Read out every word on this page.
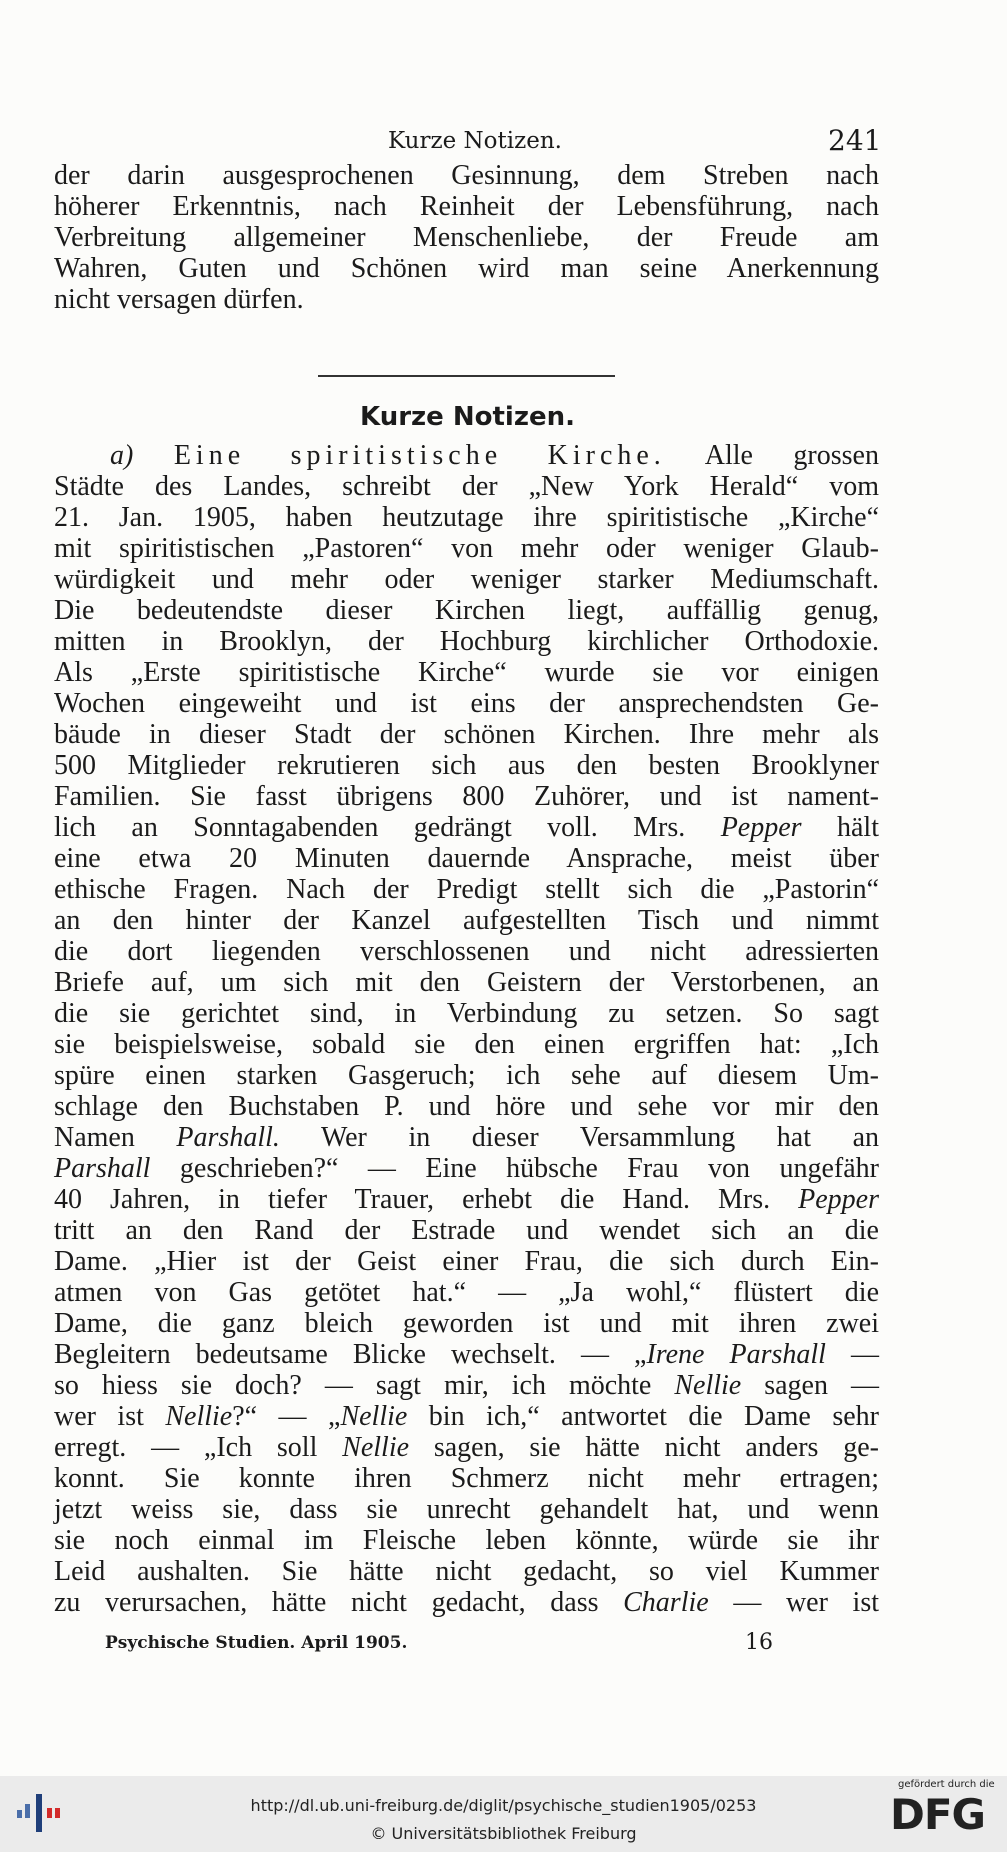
Kurze Notizen.	241
der darin ausgesprochenen Gesinnung, dem Streben nach
höherer Erkenntnis, nach Reinheit der Lebensführung, nach
Verbreitung allgemeiner Menschenliebe, der Freude am
Wahren, Guten und Schönen wird man seine Anerkennung
nicht versagen dürfen.
Kurze Notizen.
a) Eine spiritistische Kirche. Alle grossen
Städte des Landes, schreibt der „New York Herald“ vom
21. Jan. 1905, haben heutzutage ihre spiritistische „Kirche“
mit spiritistischen „Pastoren“ von mehr oder weniger Glaub-
würdigkeit und mehr oder weniger starker Mediumschaft.
Die bedeutendste dieser Kirchen liegt, auffällig genug,
mitten in Brooklyn, der Hochburg kirchlicher Orthodoxie.
Als „Erste spiritistische Kirche“ wurde sie vor einigen
Wochen eingeweiht und ist eins der ansprechendsten Ge-
bäude in dieser Stadt der schönen Kirchen. Ihre mehr als
500 Mitglieder rekrutieren sich aus den besten Brooklyner
Familien. Sie fasst übrigens 800 Zuhörer, und ist nament-
lich an Sonntagabenden gedrängt voll. Mrs. Pepper hält
eine etwa 20 Minuten dauernde Ansprache, meist über
ethische Fragen. Nach der Predigt stellt sich die „Pastorin“
an den hinter der Kanzel aufgestellten Tisch und nimmt
die dort liegenden verschlossenen und nicht adressierten
Briefe auf, um sich mit den Geistern der Verstorbenen, an
die sie gerichtet sind, in Verbindung zu setzen. So sagt
sie beispielsweise, sobald sie den einen ergriffen hat: „Ich
spüre einen starken Gasgeruch; ich sehe auf diesem Um-
schlage den Buchstaben P. und höre und sehe vor mir den
Namen Parshall. Wer in dieser Versammlung hat an
Parshall geschrieben?“ — Eine hübsche Frau von ungefähr
40 Jahren, in tiefer Trauer, erhebt die Hand. Mrs. Pepper
tritt an den Rand der Estrade und wendet sich an die
Dame. „Hier ist der Geist einer Frau, die sich durch Ein-
atmen von Gas getötet hat.“ — „Ja wohl,“ flüstert die
Dame, die ganz bleich geworden ist und mit ihren zwei
Begleitern bedeutsame Blicke wechselt. — „Irene Parshall —
so hiess sie doch? — sagt mir, ich möchte Nellie sagen —
wer ist Nellie?“ — „Nellie bin ich,“ antwortet die Dame sehr
erregt. — „Ich soll Nellie sagen, sie hätte nicht anders ge-
konnt. Sie konnte ihren Schmerz nicht mehr ertragen;
jetzt weiss sie, dass sie unrecht gehandelt hat, und wenn
sie noch einmal im Fleische leben könnte, würde sie ihr
Leid aushalten. Sie hätte nicht gedacht, so viel Kummer
zu verursachen, hätte nicht gedacht, dass Charlie — wer ist
Psychische Studien. April 1905.	16
http://dl.ub.uni-freiburg.de/diglit/psychische_studien1905/0253
© Universitätsbibliothek Freiburg
gefördert durch die
DFG
